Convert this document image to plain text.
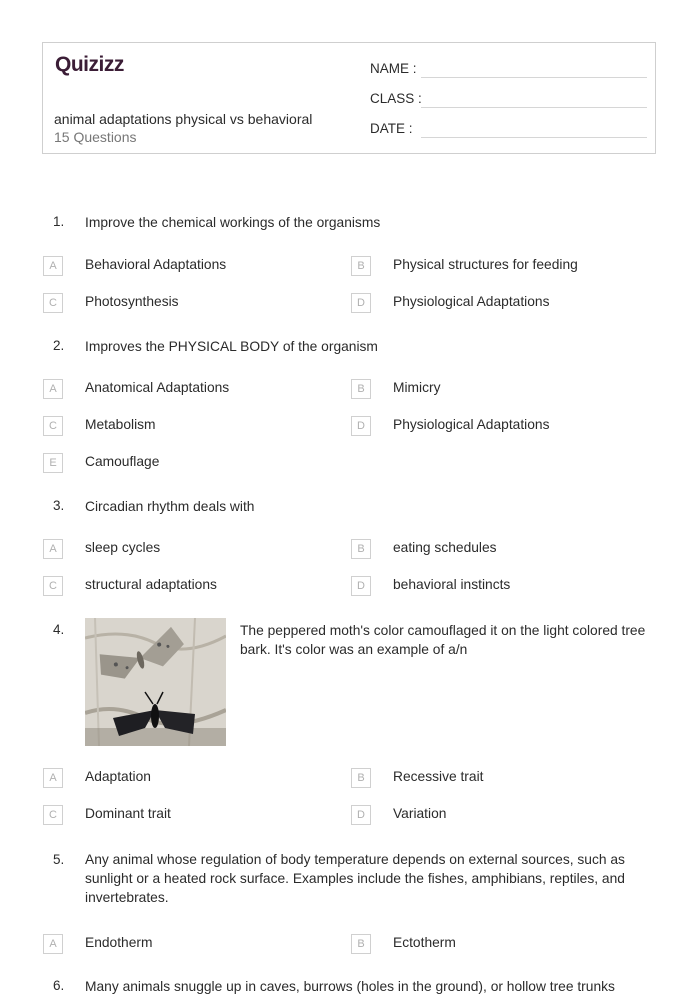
Quizizz
animal adaptations physical vs behavioral
15 Questions
NAME :
CLASS :
DATE :
1. Improve the chemical workings of the organisms
A	Behavioral Adaptations	B	Physical structures for feeding
C	Photosynthesis	D	Physiological Adaptations
2. Improves the PHYSICAL BODY of the organism
A	Anatomical Adaptations	B	Mimicry
C	Metabolism	D	Physiological Adaptations
E	Camouflage
3. Circadian rhythm deals with
A	sleep cycles	B	eating schedules
C	structural adaptations	D	behavioral instincts
4.	The peppered moth's color camouflaged it on the light colored tree bark. It's color was an example of a/n
A	Adaptation	B	Recessive trait
C	Dominant trait	D	Variation
5. Any animal whose regulation of body temperature depends on external sources, such as sunlight or a heated rock surface. Examples include the fishes, amphibians, reptiles, and invertebrates.
A	Endotherm	B	Ectotherm
6. Many animals snuggle up in caves, burrows (holes in the ground), or hollow tree trunks
